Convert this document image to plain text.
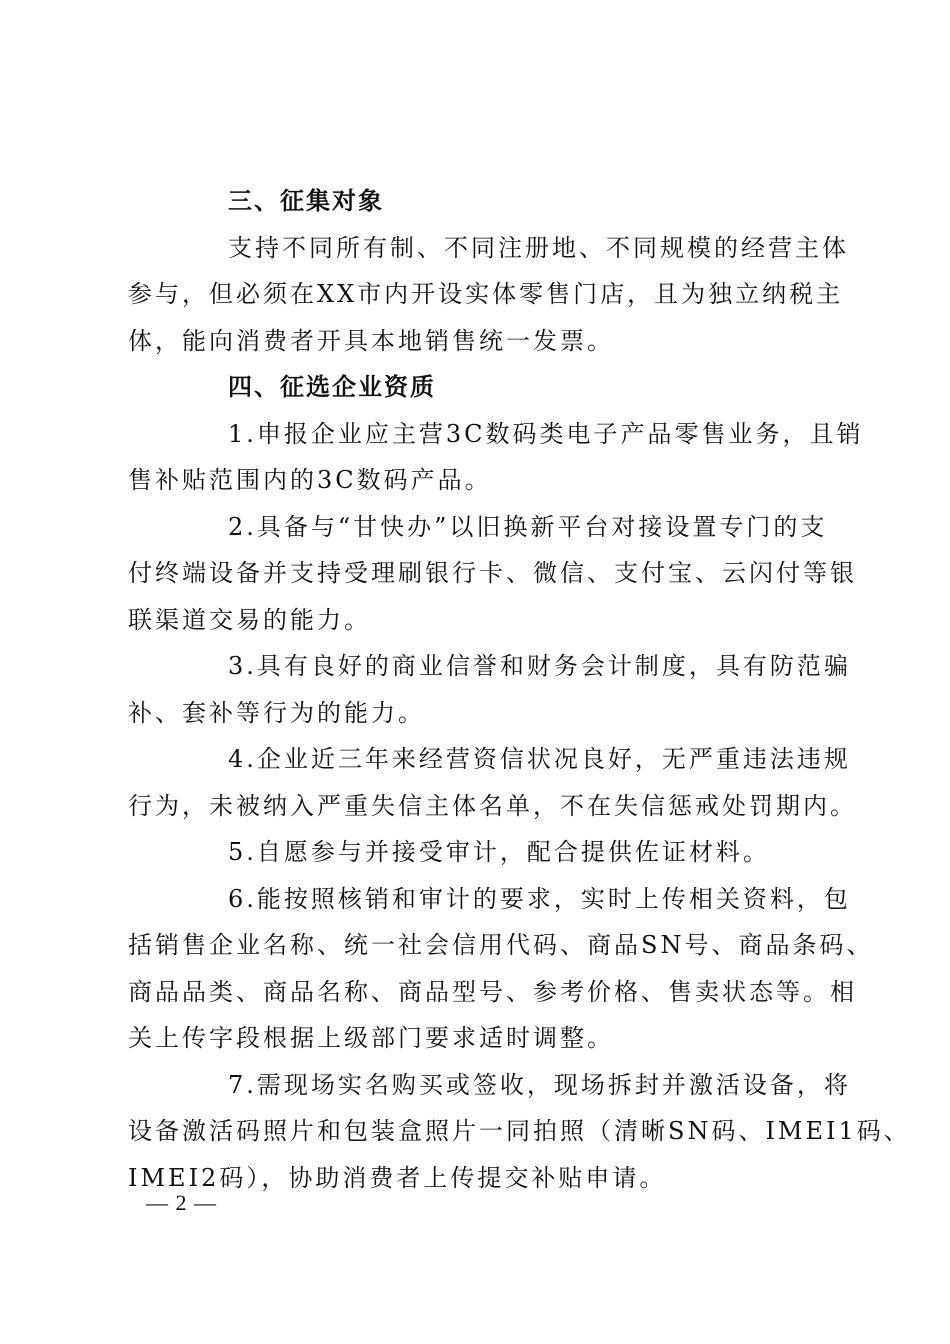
三、征集对象
支持不同所有制、不同注册地、不同规模的经营主体
参与，但必须在XX市内开设实体零售门店，且为独立纳税主
体，能向消费者开具本地销售统一发票。
四、征选企业资质
1.申报企业应主营3C数码类电子产品零售业务，且销
售补贴范围内的3C数码产品。
2.具备与“甘快办”以旧换新平台对接设置专门的支
付终端设备并支持受理刷银行卡、微信、支付宝、云闪付等银
联渠道交易的能力。
3.具有良好的商业信誉和财务会计制度，具有防范骗
补、套补等行为的能力。
4.企业近三年来经营资信状况良好，无严重违法违规
行为，未被纳入严重失信主体名单，不在失信惩戒处罚期内。
5.自愿参与并接受审计，配合提供佐证材料。
6.能按照核销和审计的要求，实时上传相关资料，包
括销售企业名称、统一社会信用代码、商品SN号、商品条码、
商品品类、商品名称、商品型号、参考价格、售卖状态等。相
关上传字段根据上级部门要求适时调整。
7.需现场实名购买或签收，现场拆封并激活设备，将
设备激活码照片和包装盒照片一同拍照（清晰SN码、IMEI1码、
IMEI2码），协助消费者上传提交补贴申请。
— 2 —
